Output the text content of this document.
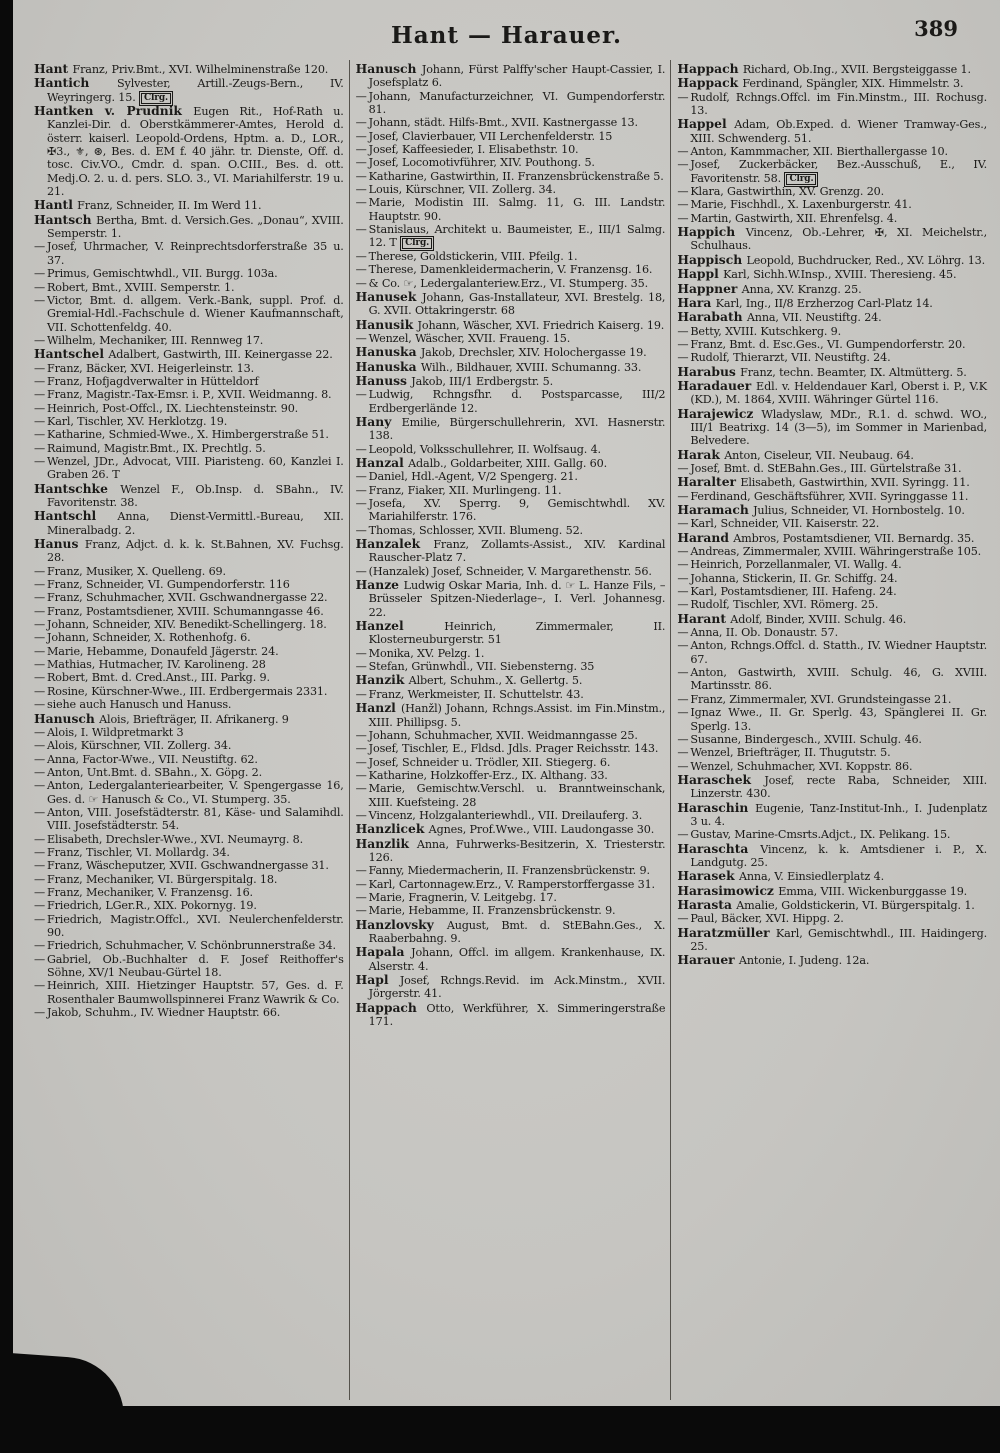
Hant — Harauer.	389

Hant Franz, Priv.Bmt., XVI. Wilhelminenstraße 120.

Hantich Sylvester, Artill.-Zeugs-Bern., IV. Weyringerg. 15. Clrg.

Hantken v. Prudnik Eugen Rit., Hof-Rath u. Kanzlei-Dir. d. Oberstkämmerer-Amtes, Herold d. österr. kaiserl. Leopold-Ordens, Hptm. a. D., LOR., ✠3., ⚜, ⊛, Bes. d. EM f. 40 jähr. tr. Dienste, Off. d. tosc. Civ.VO., Cmdr. d. span. O.CIII., Bes. d. ott. Medj.O. 2. u. d. pers. SLO. 3., VI. Mariahilferstr. 19 u. 21.

Hantl Franz, Schneider, II. Im Werd 11.

Hantsch Bertha, Bmt. d. Versich.Ges. „Donau“, XVIII. Semperstr. 1.

—Josef, Uhrmacher, V. Reinprechtsdorferstraße 35 u. 37.

—Primus, Gemischtwhdl., VII. Burgg. 103a.

—Robert, Bmt., XVIII. Semperstr. 1.

—Victor, Bmt. d. allgem. Verk.-Bank, suppl. Prof. d. Gremial-Hdl.-Fachschule d. Wiener Kaufmannschaft, VII. Schottenfeldg. 40.

—Wilhelm, Mechaniker, III. Rennweg 17.

Hantschel Adalbert, Gastwirth, III. Keinergasse 22.

—Franz, Bäcker, XVI. Heigerleinstr. 13.

—Franz, Hofjagdverwalter in Hütteldorf

—Franz, Magistr.-Tax-Emsr. i. P., XVII. Weidmanng. 8.

—Heinrich, Post-Offcl., IX. Liechtensteinstr. 90.

—Karl, Tischler, XV. Herklotzg. 19.

—Katharine, Schmied-Wwe., X. Himbergerstraße 51.

—Raimund, Magistr.Bmt., IX. Prechtlg. 5.

—Wenzel, JDr., Advocat, VIII. Piaristeng. 60, Kanzlei I. Graben 26. T

Hantschke Wenzel F., Ob.Insp. d. SBahn., IV. Favoritenstr. 38.

Hantschl Anna, Dienst-Vermittl.-Bureau, XII. Mineralbadg. 2.

Hanus Franz, Adjct. d. k. k. St.Bahnen, XV. Fuchsg. 28.

—Franz, Musiker, X. Quelleng. 69.

—Franz, Schneider, VI. Gumpendorferstr. 116

—Franz, Schuhmacher, XVII. Gschwandnergasse 22.

—Franz, Postamtsdiener, XVIII. Schumanngasse 46.

—Johann, Schneider, XIV. Benedikt-Schellingerg. 18.

—Johann, Schneider, X. Rothenhofg. 6.

—Marie, Hebamme, Donaufeld Jägerstr. 24.

—Mathias, Hutmacher, IV. Karolineng. 28

—Robert, Bmt. d. Cred.Anst., III. Parkg. 9.

—Rosine, Kürschner-Wwe., III. Erdbergermais 2331.

—siehe auch Hanusch und Hanuss.

Hanusch Alois, Briefträger, II. Afrikanerg. 9

—Alois, I. Wildpretmarkt 3

—Alois, Kürschner, VII. Zollerg. 34.

—Anna, Factor-Wwe., VII. Neustiftg. 62.

—Anton, Unt.Bmt. d. SBahn., X. Göpg. 2.

—Anton, Ledergalanteriearbeiter, V. Spengergasse 16, Ges. d. ☞ Hanusch & Co., VI. Stumperg. 35.

—Anton, VIII. Josefstädterstr. 81, Käse- und Salamihdl. VIII. Josefstädterstr. 54.

—Elisabeth, Drechsler-Wwe., XVI. Neumayrg. 8.

—Franz, Tischler, VI. Mollardg. 34.

—Franz, Wäscheputzer, XVII. Gschwandnergasse 31.

—Franz, Mechaniker, VI. Bürgerspitalg. 18.

—Franz, Mechaniker, V. Franzensg. 16.

—Friedrich, LGer.R., XIX. Pokornyg. 19.

—Friedrich, Magistr.Offcl., XVI. Neulerchenfelderstr. 90.

—Friedrich, Schuhmacher, V. Schönbrunnerstraße 34.

—Gabriel, Ob.-Buchhalter d. F. Josef Reithoffer's Söhne, XV/1 Neubau-Gürtel 18.

—Heinrich, XIII. Hietzinger Hauptstr. 57, Ges. d. F. Rosenthaler Baumwollspinnerei Franz Wawrik & Co.

—Jakob, Schuhm., IV. Wiedner Hauptstr. 66.

Hanusch Johann, Fürst Palffy'scher Haupt-Cassier, I. Josefsplatz 6.

—Johann, Manufacturzeichner, VI. Gumpendorferstr. 81.

—Johann, städt. Hilfs-Bmt., XVII. Kastnergasse 13.

—Josef, Clavierbauer, VII Lerchenfelderstr. 15

—Josef, Kaffeesieder, I. Elisabethstr. 10.

—Josef, Locomotivführer, XIV. Pouthong. 5.

—Katharine, Gastwirthin, II. Franzensbrückenstraße 5.

—Louis, Kürschner, VII. Zollerg. 34.

—Marie, Modistin III. Salmg. 11, G. III. Landstr. Hauptstr. 90.

—Stanislaus, Architekt u. Baumeister, E., III/1 Salmg. 12. T Clrg.

—Therese, Goldstickerin, VIII. Pfeilg. 1.

—Therese, Damenkleidermacherin, V. Franzensg. 16.

—& Co. ☞, Ledergalanteriew.Erz., VI. Stumperg. 35.

Hanusek Johann, Gas-Installateur, XVI. Brestelg. 18, G. XVII. Ottakringerstr. 68

Hanusik Johann, Wäscher, XVI. Friedrich Kaiserg. 19.

—Wenzel, Wäscher, XVII. Fraueng. 15.

Hanuska Jakob, Drechsler, XIV. Holochergasse 19.

Hanuska Wilh., Bildhauer, XVIII. Schumanng. 33.

Hanuss Jakob, III/1 Erdbergstr. 5.

—Ludwig, Rchngsfhr. d. Postsparcasse, III/2 Erdbergerlände 12.

Hany Emilie, Bürgerschullehrerin, XVI. Hasnerstr. 138.

—Leopold, Volksschullehrer, II. Wolfsaug. 4.

Hanzal Adalb., Goldarbeiter, XIII. Gallg. 60.

—Daniel, Hdl.-Agent, V/2 Spengerg. 21.

—Franz, Fiaker, XII. Murlingeng. 11.

—Josefa, XV. Sperrg. 9, Gemischtwhdl. XV. Mariahilferstr. 176.

—Thomas, Schlosser, XVII. Blumeng. 52.

Hanzalek Franz, Zollamts-Assist., XIV. Kardinal Rauscher-Platz 7.

—(Hanzalek) Josef, Schneider, V. Margarethenstr. 56.

Hanze Ludwig Oskar Maria, Inh. d. ☞ L. Hanze Fils, –Brüsseler Spitzen-Niederlage–, I. Verl. Johannesg. 22.

Hanzel Heinrich, Zimmermaler, II. Klosterneuburgerstr. 51

—Monika, XV. Pelzg. 1.

—Stefan, Grünwhdl., VII. Siebensterng. 35

Hanzik Albert, Schuhm., X. Gellertg. 5.

—Franz, Werkmeister, II. Schuttelstr. 43.

Hanzl (Hanžl) Johann, Rchngs.Assist. im Fin.Minstm., XIII. Phillipsg. 5.

—Johann, Schuhmacher, XVII. Weidmanngasse 25.

—Josef, Tischler, E., Fldsd. Jdls. Prager Reichsstr. 143.

—Josef, Schneider u. Trödler, XII. Stiegerg. 6.

—Katharine, Holzkoffer-Erz., IX. Althang. 33.

—Marie, Gemischtw.Verschl. u. Branntweinschank, XIII. Kuefsteing. 28

—Vincenz, Holzgalanteriewhdl., VII. Dreilauferg. 3.

Hanzlicek Agnes, Prof.Wwe., VIII. Laudongasse 30.

Hanzlik Anna, Fuhrwerks-Besitzerin, X. Triesterstr. 126.

—Fanny, Miedermacherin, II. Franzensbrückenstr. 9.

—Karl, Cartonnagew.Erz., V. Ramperstorffergasse 31.

—Marie, Fragnerin, V. Leitgebg. 17.

—Marie, Hebamme, II. Franzensbrückenstr. 9.

Hanzlovsky August, Bmt. d. StEBahn.Ges., X. Raaberbahng. 9.

Hapala Johann, Offcl. im allgem. Krankenhause, IX. Alserstr. 4.

Hapl Josef, Rchngs.Revid. im Ack.Minstm., XVII. Jörgerstr. 41.

Happach Otto, Werkführer, X. Simmeringerstraße 171.

Happach Richard, Ob.Ing., XVII. Bergsteiggasse 1.

Happack Ferdinand, Spängler, XIX. Himmelstr. 3.

—Rudolf, Rchngs.Offcl. im Fin.Minstm., III. Rochusg. 13.

Happel Adam, Ob.Exped. d. Wiener Tramway-Ges., XIII. Schwenderg. 51.

—Anton, Kammmacher, XII. Bierthallergasse 10.

—Josef, Zuckerbäcker, Bez.-Ausschuß, E., IV. Favoritenstr. 58. Clrg.

—Klara, Gastwirthin, XV. Grenzg. 20.

—Marie, Fischhdl., X. Laxenburgerstr. 41.

—Martin, Gastwirth, XII. Ehrenfelsg. 4.

Happich Vincenz, Ob.-Lehrer, ✠, XI. Meichelstr., Schulhaus.

Happisch Leopold, Buchdrucker, Red., XV. Löhrg. 13.

Happl Karl, Sichh.W.Insp., XVIII. Theresieng. 45.

Happner Anna, XV. Kranzg. 25.

Hara Karl, Ing., II/8 Erzherzog Carl-Platz 14.

Harabath Anna, VII. Neustiftg. 24.

—Betty, XVIII. Kutschkerg. 9.

—Franz, Bmt. d. Esc.Ges., VI. Gumpendorferstr. 20.

—Rudolf, Thierarzt, VII. Neustiftg. 24.

Harabus Franz, techn. Beamter, IX. Altmütterg. 5.

Haradauer Edl. v. Heldendauer Karl, Oberst i. P., V.K (KD.), M. 1864, XVIII. Währinger Gürtel 116.

Harajewicz Wladyslaw, MDr., R.1. d. schwd. WO., III/1 Beatrixg. 14 (3—5), im Sommer in Marienbad, Belvedere.

Harak Anton, Ciseleur, VII. Neubaug. 64.

—Josef, Bmt. d. StEBahn.Ges., III. Gürtelstraße 31.

Haralter Elisabeth, Gastwirthin, XVII. Syringg. 11.

—Ferdinand, Geschäftsführer, XVII. Syringgasse 11.

Haramach Julius, Schneider, VI. Hornbostelg. 10.

—Karl, Schneider, VII. Kaiserstr. 22.

Harand Ambros, Postamtsdiener, VII. Bernardg. 35.

—Andreas, Zimmermaler, XVIII. Währingerstraße 105.

—Heinrich, Porzellanmaler, VI. Wallg. 4.

—Johanna, Stickerin, II. Gr. Schiffg. 24.

—Karl, Postamtsdiener, III. Hafeng. 24.

—Rudolf, Tischler, XVI. Römerg. 25.

Harant Adolf, Binder, XVIII. Schulg. 46.

—Anna, II. Ob. Donaustr. 57.

—Anton, Rchngs.Offcl. d. Statth., IV. Wiedner Hauptstr. 67.

—Anton, Gastwirth, XVIII. Schulg. 46, G. XVIII. Martinsstr. 86.

—Franz, Zimmermaler, XVI. Grundsteingasse 21.

—Ignaz Wwe., II. Gr. Sperlg. 43, Spänglerei II. Gr. Sperlg. 13.

—Susanne, Bindergesch., XVIII. Schulg. 46.

—Wenzel, Briefträger, II. Thugutstr. 5.

—Wenzel, Schuhmacher, XVI. Koppstr. 86.

Haraschek Josef, recte Raba, Schneider, XIII. Linzerstr. 430.

Haraschin Eugenie, Tanz-Institut-Inh., I. Judenplatz 3 u. 4.

—Gustav, Marine-Cmsrts.Adjct., IX. Pelikang. 15.

Haraschta Vincenz, k. k. Amtsdiener i. P., X. Landgutg. 25.

Harasek Anna, V. Einsiedlerplatz 4.

Harasimowicz Emma, VIII. Wickenburggasse 19.

Harasta Amalie, Goldstickerin, VI. Bürgerspitalg. 1.

—Paul, Bäcker, XVI. Hippg. 2.

Haratzmüller Karl, Gemischtwhdl., III. Haidingerg. 25.

Harauer Antonie, I. Judeng. 12a.
